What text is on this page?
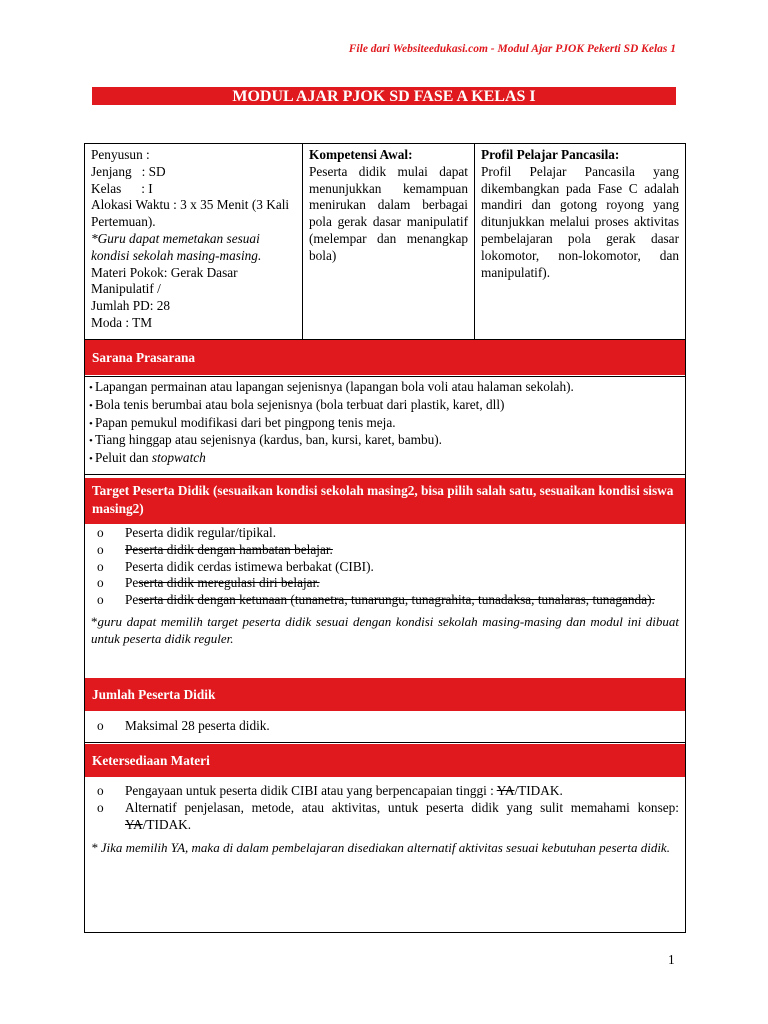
File dari Websiteedukasi.com - Modul Ajar PJOK Pekerti SD Kelas 1
MODUL AJAR PJOK SD FASE A KELAS I
Penyusun :
Jenjang   : SD
Kelas      : I
Alokasi Waktu : 3 x 35 Menit (3 Kali Pertemuan).
*Guru dapat memetakan sesuai kondisi sekolah masing-masing.
Materi Pokok: Gerak Dasar Manipulatif /
Jumlah PD: 28
Moda : TM
Kompetensi Awal:
Peserta didik mulai dapat menunjukkan kemampuan menirukan dalam berbagai pola gerak dasar manipulatif (melempar dan menangkap bola)
Profil Pelajar Pancasila:
Profil Pelajar Pancasila yang dikembangkan pada Fase C adalah mandiri dan gotong royong yang ditunjukkan melalui proses aktivitas pembelajaran pola gerak dasar lokomotor, non-lokomotor, dan manipulatif).
Sarana Prasarana
• Lapangan permainan atau lapangan sejenisnya (lapangan bola voli atau halaman sekolah).
• Bola tenis berumbai atau bola sejenisnya (bola terbuat dari plastik, karet, dll)
• Papan pemukul modifikasi dari bet pingpong tenis meja.
• Tiang hinggap atau sejenisnya (kardus, ban, kursi, karet, bambu).
• Peluit dan stopwatch
Target Peserta Didik (sesuaikan kondisi sekolah masing2, bisa pilih salah satu, sesuaikan kondisi siswa masing2)
o Peserta didik regular/tipikal.
o Peserta didik dengan hambatan belajar.
o Peserta didik cerdas istimewa berbakat (CIBI).
o Peserta didik meregulasi diri belajar.
o Peserta didik dengan ketunaan (tunanetra, tunarungu, tunagrahita, tunadaksa, tunalaras, tunaganda).
*guru dapat memilih target peserta didik sesuai dengan kondisi sekolah masing-masing dan modul ini dibuat untuk peserta didik reguler.
Jumlah Peserta Didik
o Maksimal 28 peserta didik.
Ketersediaan Materi
o Pengayaan untuk peserta didik CIBI atau yang berpencapaian tinggi : YA/TIDAK.
o Alternatif penjelasan, metode, atau aktivitas, untuk peserta didik yang sulit memahami konsep: YA/TIDAK.
* Jika memilih YA, maka di dalam pembelajaran disediakan alternatif aktivitas sesuai kebutuhan peserta didik.
1
